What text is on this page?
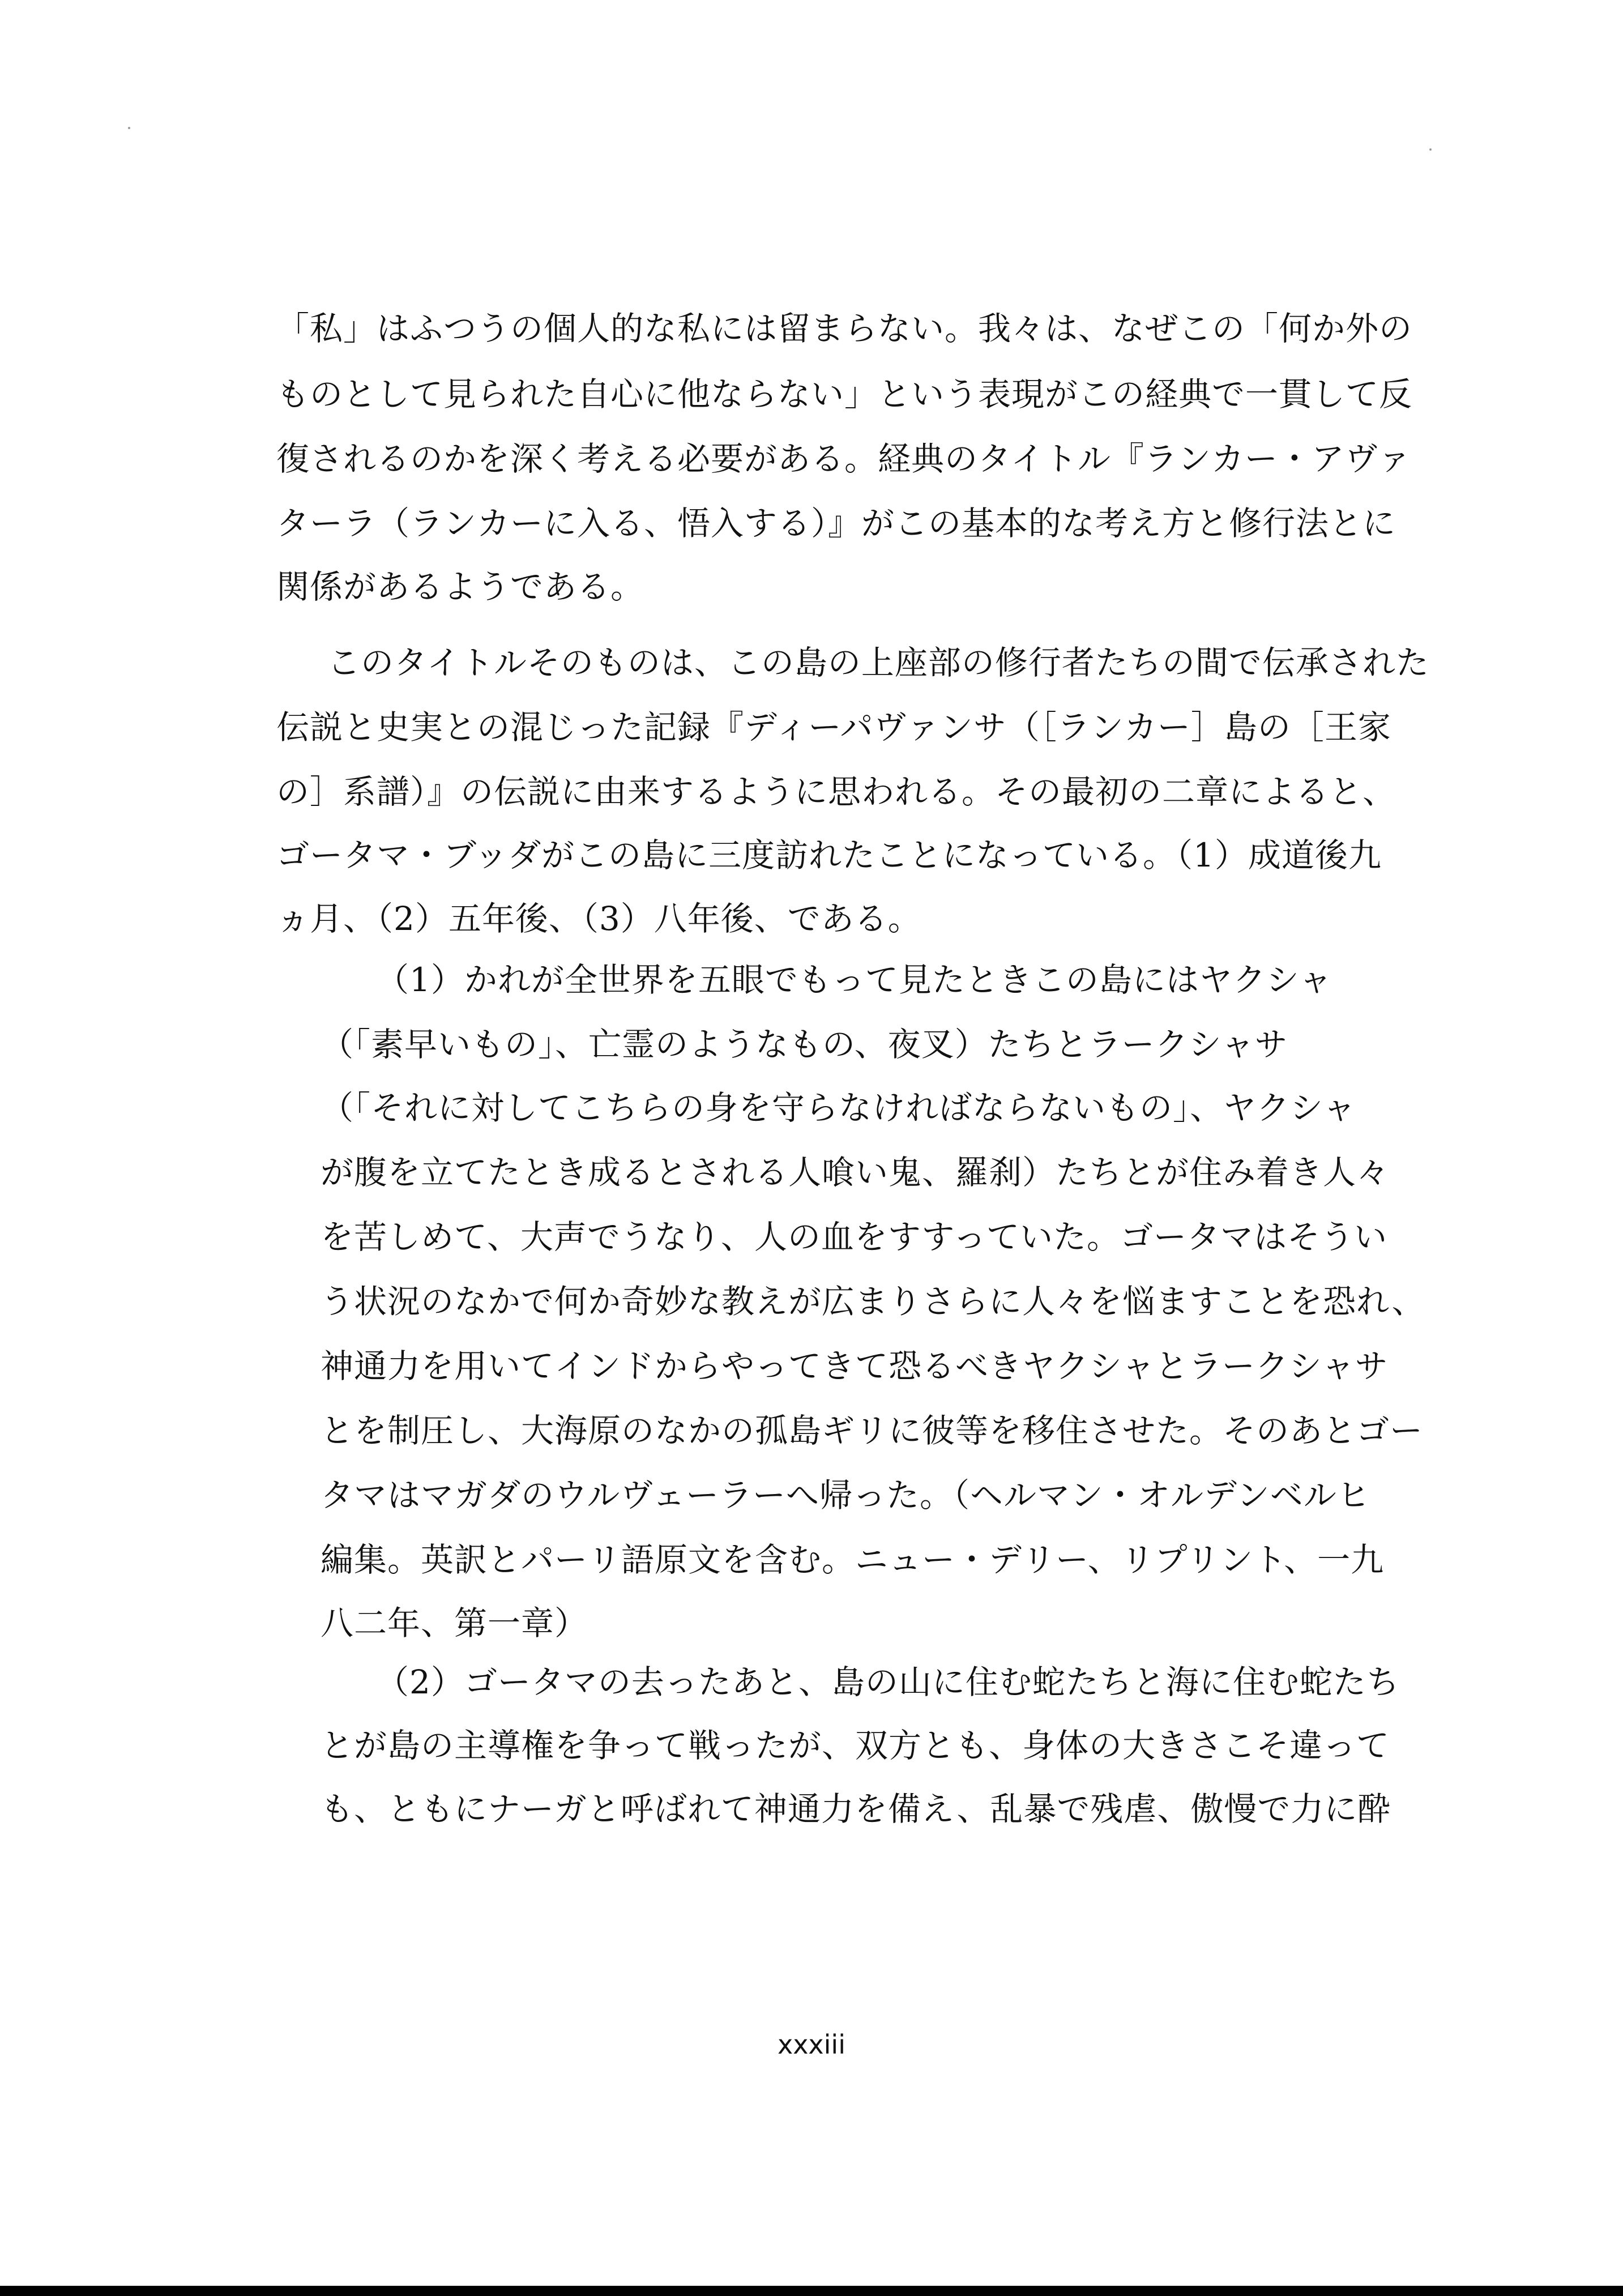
「私」はふつうの個人的な私には留まらない。我々は、なぜこの「何か外の
ものとして見られた自心に他ならない」という表現がこの経典で一貫して反
復されるのかを深く考える必要がある。経典のタイトル『ランカー・アヴァ
ターラ（ランカーに入る、悟入する）』がこの基本的な考え方と修行法とに
関係があるようである。
このタイトルそのものは、この島の上座部の修行者たちの間で伝承された
伝説と史実との混じった記録『ディーパヴァンサ（［ランカー］島の［王家
の］系譜）』の伝説に由来するように思われる。その最初の二章によると、
ゴータマ・ブッダがこの島に三度訪れたことになっている。（1）成道後九
ヵ月、（2）五年後、（3）八年後、である。
（1）かれが全世界を五眼でもって見たときこの島にはヤクシャ
（「素早いもの」、亡霊のようなもの、夜叉）たちとラークシャサ
（「それに対してこちらの身を守らなければならないもの」、ヤクシャ
が腹を立てたとき成るとされる人喰い鬼、羅刹）たちとが住み着き人々
を苦しめて、大声でうなり、人の血をすすっていた。ゴータマはそうい
う状況のなかで何か奇妙な教えが広まりさらに人々を悩ますことを恐れ、
神通力を用いてインドからやってきて恐るべきヤクシャとラークシャサ
とを制圧し、大海原のなかの孤島ギリに彼等を移住させた。そのあとゴー
タマはマガダのウルヴェーラーへ帰った。（ヘルマン・オルデンベルヒ
編集。英訳とパーリ語原文を含む。ニュー・デリー、リプリント、一九
八二年、第一章）
（2）ゴータマの去ったあと、島の山に住む蛇たちと海に住む蛇たち
とが島の主導権を争って戦ったが、双方とも、身体の大きさこそ違って
も、ともにナーガと呼ばれて神通力を備え、乱暴で残虐、傲慢で力に酔
xxxiii
